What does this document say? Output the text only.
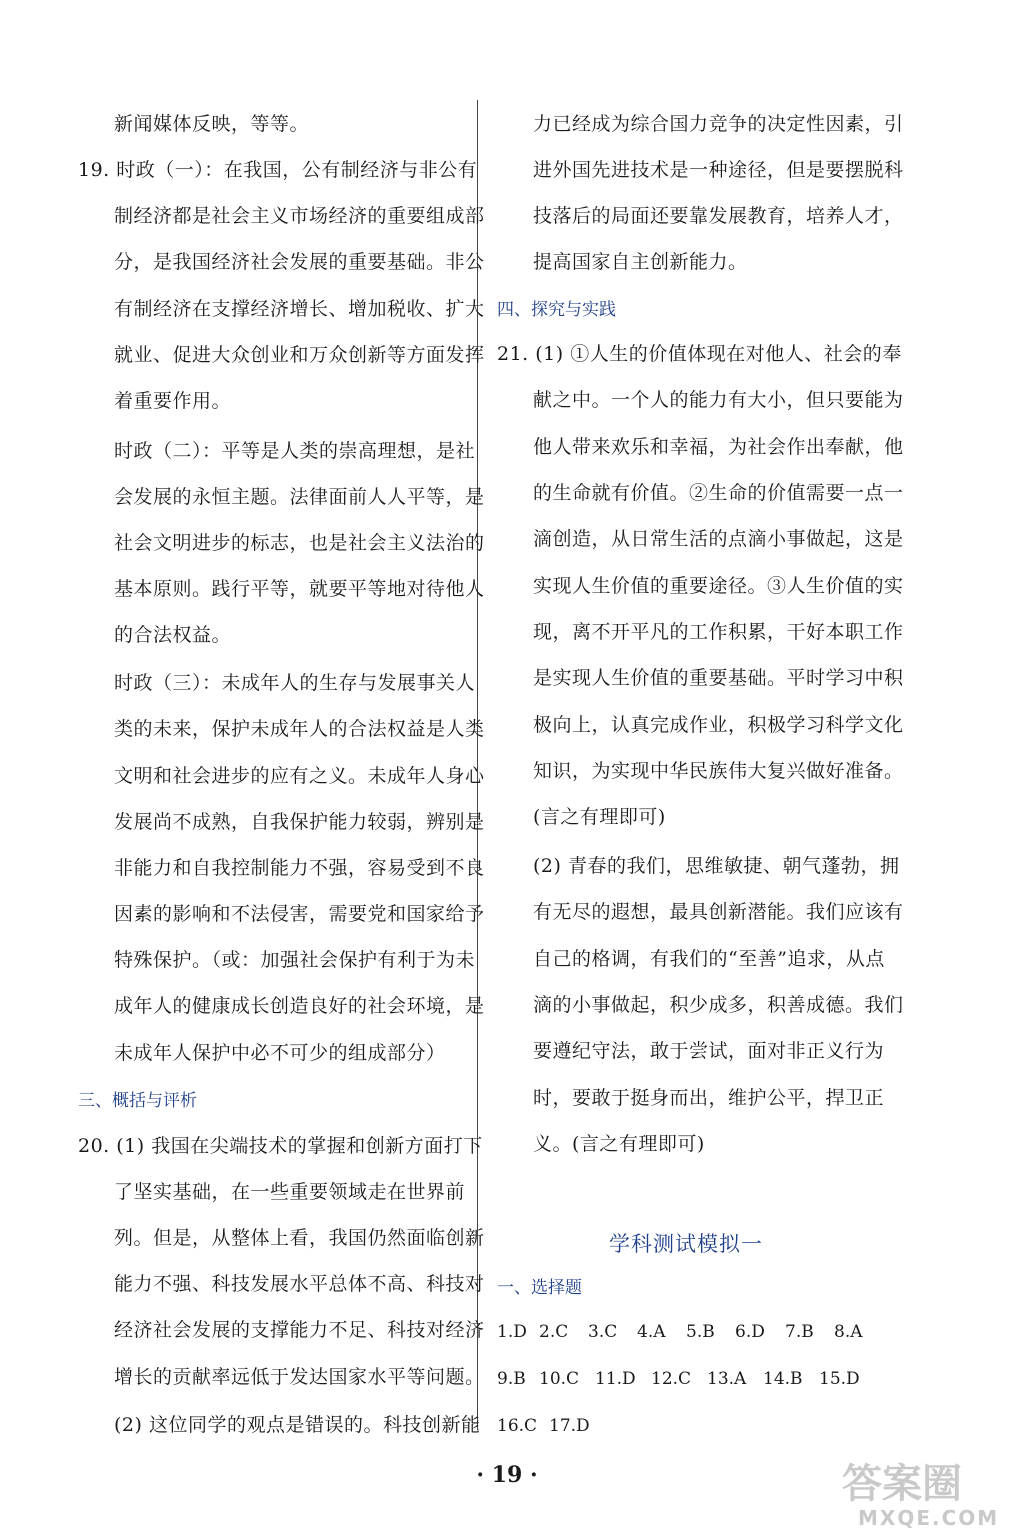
新闻媒体反映，等等。
19. 时政（一）：在我国，公有制经济与非公有
制经济都是社会主义市场经济的重要组成部
分，是我国经济社会发展的重要基础。非公
有制经济在支撑经济增长、增加税收、扩大
就业、促进大众创业和万众创新等方面发挥
着重要作用。
时政（二）：平等是人类的崇高理想，是社
会发展的永恒主题。法律面前人人平等，是
社会文明进步的标志，也是社会主义法治的
基本原则。践行平等，就要平等地对待他人
的合法权益。
时政（三）：未成年人的生存与发展事关人
类的未来，保护未成年人的合法权益是人类
文明和社会进步的应有之义。未成年人身心
发展尚不成熟，自我保护能力较弱，辨别是
非能力和自我控制能力不强，容易受到不良
因素的影响和不法侵害，需要党和国家给予
特殊保护。（或：加强社会保护有利于为未
成年人的健康成长创造良好的社会环境，是
未成年人保护中必不可少的组成部分）
三、概括与评析
20. (1) 我国在尖端技术的掌握和创新方面打下
了坚实基础，在一些重要领域走在世界前
列。但是，从整体上看，我国仍然面临创新
能力不强、科技发展水平总体不高、科技对
经济社会发展的支撑能力不足、科技对经济
增长的贡献率远低于发达国家水平等问题。
(2) 这位同学的观点是错误的。科技创新能
力已经成为综合国力竞争的决定性因素，引
进外国先进技术是一种途径，但是要摆脱科
技落后的局面还要靠发展教育，培养人才，
提高国家自主创新能力。
四、探究与实践
21. (1) ①人生的价值体现在对他人、社会的奉
献之中。一个人的能力有大小，但只要能为
他人带来欢乐和幸福，为社会作出奉献，他
的生命就有价值。②生命的价值需要一点一
滴创造，从日常生活的点滴小事做起，这是
实现人生价值的重要途径。③人生价值的实
现，离不开平凡的工作积累，干好本职工作
是实现人生价值的重要基础。平时学习中积
极向上，认真完成作业，积极学习科学文化
知识，为实现中华民族伟大复兴做好准备。
(言之有理即可)
(2) 青春的我们，思维敏捷、朝气蓬勃，拥
有无尽的遐想，最具创新潜能。我们应该有
自己的格调，有我们的“至善”追求，从点
滴的小事做起，积少成多，积善成德。我们
要遵纪守法，敢于尝试，面对非正义行为
时，要敢于挺身而出，维护公平，捍卫正
义。(言之有理即可)
学科测试模拟一
一、选择题
1.D 2.C 3.C 4.A 5.B 6.D 7.B 8.A
9.B 10.C 11.D 12.C 13.A 14.B 15.D
16.C 17.D
· 19 ·	答案圈
MXQE.COM
